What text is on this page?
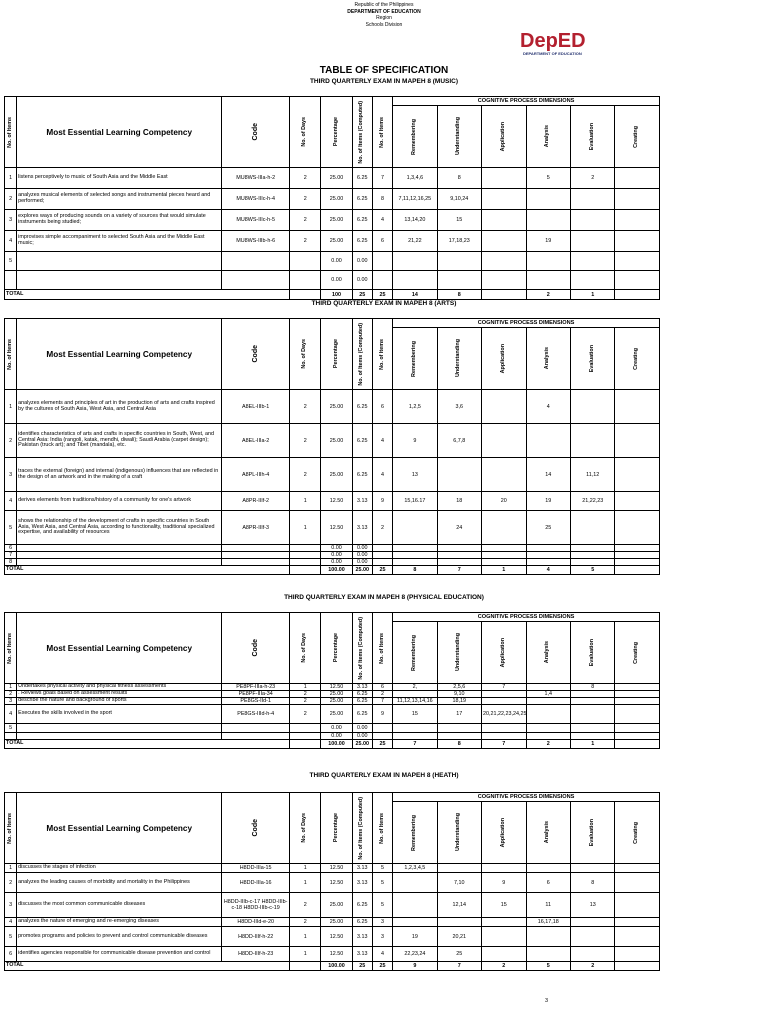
Republic of the Philippines
DEPARTMENT OF EDUCATION
Region
Schools Division
DepED
DEPARTMENT OF EDUCATION
TABLE OF SPECIFICATION
THIRD QUARTERLY EXAM IN MAPEH 8 (MUSIC)
No. of Items	Most Essential Learning Competency	Code	No. of Days	Percentage	No. of Items (Computed)	No. of Items	COGNITIVE PROCESS DIMENSIONS					

							Remembering	Understanding	Application	Analysis	Evaluation	Creating

1	listens perceptively to music of South Asia and the Middle East	MU8WS-IIIa-h-2	2	25.00	6.25	7	1,3,4,6	8		5	2	
2	analyzes musical elements of selected songs and instrumental pieces heard and performed;	MU8WS-IIIc-h-4	2	25.00	6.25	8	7,11,12,16,25	9,10,24				
3	explores ways of producing sounds on a variety of sources that would simulate instruments being studied;	MU8WS-IIIc-h-5	2	25.00	6.25	4	13,14,20	15				
4	improvises simple accompaniment to selected South Asia and the Middle East music;	MU8WS-IIIb-h-6	2	25.00	6.25	6	21,22	17,18,23		19		
5				0.00	0.00							
				0.00	0.00							
TOTAL				100	25	25	14	8		2	1	
THIRD QUARTERLY EXAM IN MAPEH 8 (ARTS)
No. of Items	Most Essential Learning Competency	Code	No. of Days	Percentage	No. of Items (Computed)	No. of Items	COGNITIVE PROCESS DIMENSIONS					

							Remembering	Understanding	Application	Analysis	Evaluation	Creating

1	analyzes elements and principles of art in the production of arts and crafts inspired by the cultures of South Asia, West Asia, and Central Asia	A8EL-IIIb-1	2	25.00	6.25	6	1,2,5	3,6		4		
2	identifies characteristics of arts and crafts in specific countries in South, West, and Central Asia: India (rangoli, katak, mendhi, diwali); Saudi Arabia (carpet design); Pakistan (truck art); and Tibet (mandala), etc.	A8EL-IIIa-2	2	25.00	6.25	4	9	6,7,8				
3	traces the external (foreign) and internal (indigenous) influences that are reflected in the design of an artwork and in the making of a craft	A8PL-IIIh-4	2	25.00	6.25	4	13			14	11,12	
4	derives elements from traditions/history of a community for one's artwork	A8PR-IIIf-2	1	12.50	3.13	9	15,16.17	18	20	19	21,22,23	
5	shows the relationship of the development of crafts in specific countries in South Asia, West Asia, and Central Asia, according to functionality, traditional specialized expertise, and availability of resources	A8PR-IIIf-3	1	12.50	3.13	2		24		25		
6				0.00	0.00							
7				0.00	0.00							
8				0.00	0.00							
TOTAL				100.00	25.00	25	8	7	1	4	5	
THIRD QUARTERLY EXAM IN MAPEH 8 (PHYSICAL EDUCATION)
No. of Items	Most Essential Learning Competency	Code	No. of Days	Percentage	No. of Items (Computed)	No. of Items	COGNITIVE PROCESS DIMENSIONS					

							Remembering	Understanding	Application	Analysis	Evaluation	Creating

1	Undertakes physical activity and physical fitness assessments	PE8PF-IIIa-h-23	1	12.50	3.13	6	2,	2,5,6	7		8	
2	. Reviews goals based on assessment results	PE8PF-IIIa-34	2	25.00	6.25	2		9,10		1,4		
3	describe the nature and background of sports	PE8GS-IId-1	2	25.00	6.25	7	11,12,13,14,16	18,19				
4	Executes the skills involved in the sport	PE8GS-IIId-h-4	2	25.00	6.25	9	15	17	20,21,22,23,24,25			
5				0.00	0.00							
				0.00	0.00							
TOTAL				100.00	25.00	25	7	8	7	2	1	
THIRD QUARTERLY EXAM IN MAPEH 8 (HEATH)
No. of Items	Most Essential Learning Competency	Code	No. of Days	Percentage	No. of Items (Computed)	No. of Items	COGNITIVE PROCESS DIMENSIONS					

							Remembering	Understanding	Application	Analysis	Evaluation	Creating

1	discusses the stages of infection	H8DD-IIIa-15	1	12.50	3.13	5	1,2,3,4,5					
2	analyzes the leading causes of morbidity and mortality in the Philippines	H8DD-IIIa-16	1	12.50	3.13	5		7,10	9	6	8	
3	discusses the most common communicable diseases	H8DD-IIIb-c-17 H8DD-IIIb-c-18 H8DD-IIIb-c-19	2	25.00	6.25	5		12,14	15	11	13	
4	analyzes the nature of emerging and re-emerging diseases	H8DD-IIId-e-20	2	25.00	6.25	3				16,17,18		
5	promotes programs and policies to prevent and control communicable diseases	H8DD-IIIf-h-22	1	12.50	3.13	3	19	20,21				
6	identifies agencies responsible for communicable disease prevention and control	H8DD-IIIf-h-23	1	12.50	3.13	4	22,23,24	25				
TOTAL				100.00	25	25	9	7	2	5	2	
3
